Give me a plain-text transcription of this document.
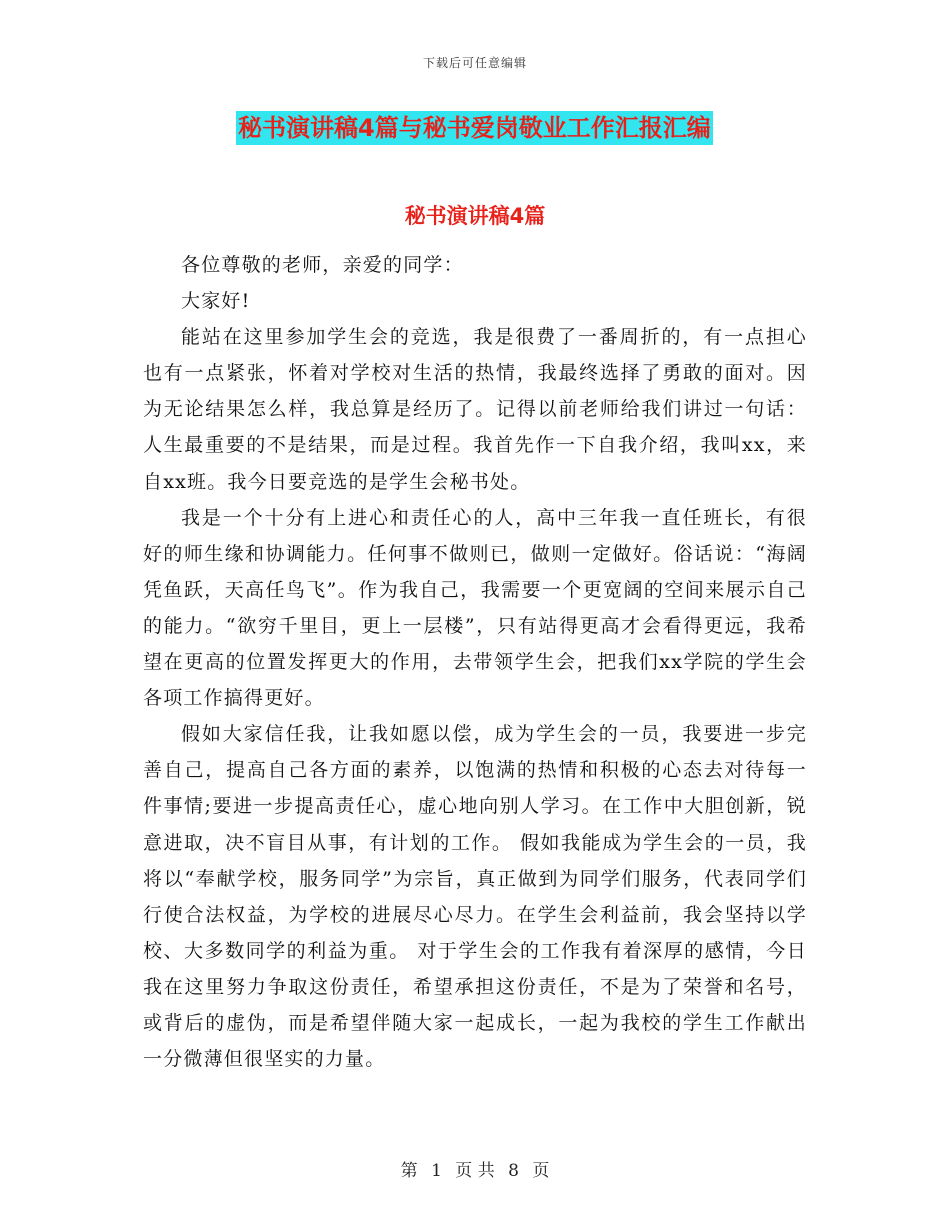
下载后可任意编辑
秘书演讲稿4篇与秘书爱岗敬业工作汇报汇编
秘书演讲稿4篇

各位尊敬的老师，亲爱的同学：

大家好!

能站在这里参加学生会的竞选，我是很费了一番周折的，有一点担心也有一点紧张，怀着对学校对生活的热情，我最终选择了勇敢的面对。因为无论结果怎么样，我总算是经历了。记得以前老师给我们讲过一句话：人生最重要的不是结果，而是过程。我首先作一下自我介绍，我叫xx，来自xx班。我今日要竞选的是学生会秘书处。

我是一个十分有上进心和责任心的人，高中三年我一直任班长，有很好的师生缘和协调能力。任何事不做则已，做则一定做好。俗话说：“海阔凭鱼跃，天高任鸟飞”。作为我自己，我需要一个更宽阔的空间来展示自己的能力。“欲穷千里目，更上一层楼”，只有站得更高才会看得更远，我希望在更高的位置发挥更大的作用，去带领学生会，把我们xx学院的学生会各项工作搞得更好。

假如大家信任我，让我如愿以偿，成为学生会的一员，我要进一步完善自己，提高自己各方面的素养，以饱满的热情和积极的心态去对待每一件事情;要进一步提高责任心，虚心地向别人学习。在工作中大胆创新，锐意进取，决不盲目从事，有计划的工作。 假如我能成为学生会的一员，我将以“奉献学校，服务同学”为宗旨，真正做到为同学们服务，代表同学们行使合法权益，为学校的进展尽心尽力。在学生会利益前，我会坚持以学校、大多数同学的利益为重。 对于学生会的工作我有着深厚的感情，今日我在这里努力争取这份责任，希望承担这份责任，不是为了荣誉和名号，或背后的虚伪，而是希望伴随大家一起成长，一起为我校的学生工作献出一分微薄但很坚实的力量。

第 1 页 共 8 页
